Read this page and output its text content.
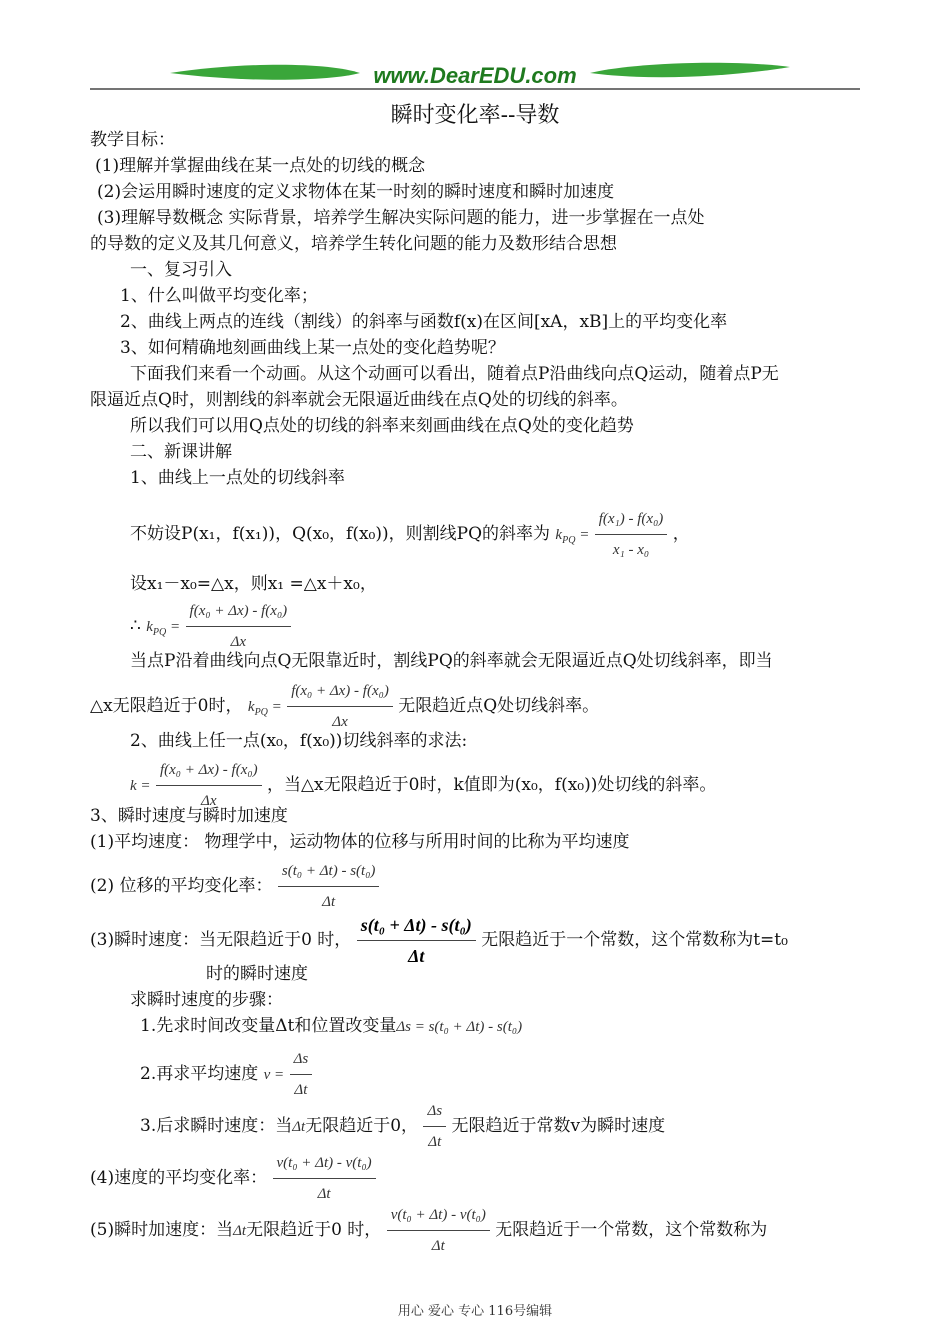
www.DearEDU.com
瞬时变化率--导数
教学目标：
(1)理解并掌握曲线在某一点处的切线的概念
(2)会运用瞬时速度的定义求物体在某一时刻的瞬时速度和瞬时加速度
(3)理解导数概念 实际背景，培养学生解决实际问题的能力，进一步掌握在一点处
的导数的定义及其几何意义，培养学生转化问题的能力及数形结合思想
一、复习引入
1、什么叫做平均变化率；
2、曲线上两点的连线（割线）的斜率与函数f(x)在区间[xA，xB]上的平均变化率
3、如何精确地刻画曲线上某一点处的变化趋势呢？
下面我们来看一个动画。从这个动画可以看出，随着点P沿曲线向点Q运动，随着点P无
限逼近点Q时，则割线的斜率就会无限逼近曲线在点Q处的切线的斜率。
所以我们可以用Q点处的切线的斜率来刻画曲线在点Q处的变化趋势
二、新课讲解
1、曲线上一点处的切线斜率
不妨设P(x₁，f(x₁))，Q(x₀，f(x₀))，则割线PQ的斜率为 $k_{PQ} = \frac{\text{f(x₁) - f(x₀)}}{\text{x₁ - x₀}}$ ，
设x₁－x₀=△x，则x₁ =△x＋x₀，
∴ $k_{PQ} = \frac{\text{f(x₀ + Δx) - f(x₀)}}{\Delta x}$
当点P沿着曲线向点Q无限靠近时，割线PQ的斜率就会无限逼近点Q处切线斜率，即当
△x无限趋近于0时， $k_{PQ} = \frac{\text{f(x₀ + Δx) - f(x₀)}}{\Delta x}$ 无限趋近点Q处切线斜率。
2、曲线上任一点(x₀，f(x₀))切线斜率的求法:
$k = \frac{\text{f(x₀ + Δx) - f(x₀)}}{\Delta x}$ ，当△x无限趋近于0时，k值即为(x₀，f(x₀))处切线的斜率。
3、瞬时速度与瞬时加速度
(1)平均速度： 物理学中，运动物体的位移与所用时间的比称为平均速度
(2) 位移的平均变化率： $\frac{\text{s(t₀ + Δt) - s(t₀)}}{\Delta t}$
(3)瞬时速度：当无限趋近于0 时， $\frac{\text{s(t₀ + Δt) - s(t₀)}}{\Delta t}$ 无限趋近于一个常数，这个常数称为t=t₀
时的瞬时速度
求瞬时速度的步骤：
1.先求时间改变量Δt和位置改变量Δs = s(t₀ + Δt) - s(t₀)
2.再求平均速度 $v = \frac{\Delta s}{\Delta t}$
3.后求瞬时速度：当Δt无限趋近于0， $\frac{\Delta s}{\Delta t}$ 无限趋近于常数v为瞬时速度
(4)速度的平均变化率： $\frac{\text{v(t₀ + Δt) - v(t₀)}}{\Delta t}$
(5)瞬时加速度：当Δt无限趋近于0 时， $\frac{\text{v(t₀ + Δt) - v(t₀)}}{\Delta t}$ 无限趋近于一个常数，这个常数称为
用心 爱心 专心 116号编辑
